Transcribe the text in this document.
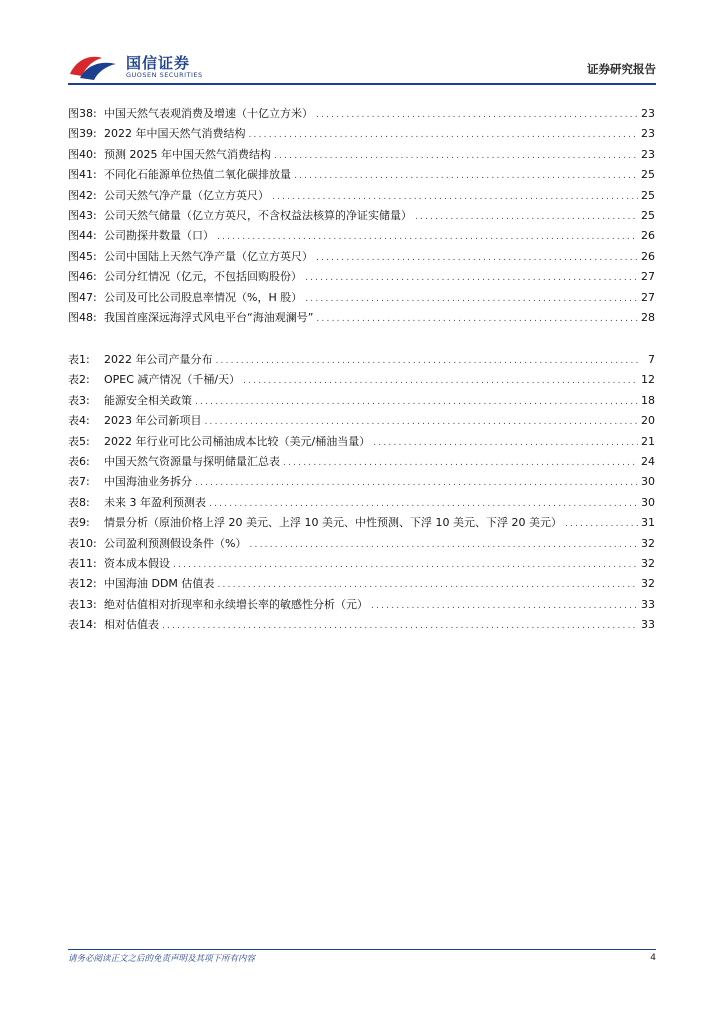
国信证券
GUOSEN SECURITIES	证券研究报告
图38: 中国天然气表观消费及增速（十亿立方米） .....	23
图39: 2022 年中国天然气消费结构 .....	23
图40: 预测 2025 年中国天然气消费结构 .....	23
图41: 不同化石能源单位热值二氧化碳排放量 .....	25
图42: 公司天然气净产量（亿立方英尺） .....	25
图43: 公司天然气储量（亿立方英尺，不含权益法核算的净证实储量） .....	25
图44: 公司勘探井数量（口） .....	26
图45: 公司中国陆上天然气净产量（亿立方英尺） .....	26
图46: 公司分红情况（亿元，不包括回购股份） .....	27
图47: 公司及可比公司股息率情况（%，H 股） .....	27
图48: 我国首座深远海浮式风电平台“海油观澜号” .....	28
表1:	2022 年公司产量分布 .....	7
表2:	OPEC 减产情况（千桶/天） .....	12
表3:	能源安全相关政策 .....	18
表4:	2023 年公司新项目 .....	20
表5:	2022 年行业可比公司桶油成本比较（美元/桶油当量） .....	21
表6:	中国天然气资源量与探明储量汇总表 .....	24
表7:	中国海油业务拆分 .....	30
表8:	未来 3 年盈利预测表 .....	30
表9:	情景分析（原油价格上浮 20 美元、上浮 10 美元、中性预测、下浮 10 美元、下浮 20 美元） .....	31
表10: 公司盈利预测假设条件（%） .....	32
表11: 资本成本假设 .....	32
表12: 中国海油 DDM 估值表 .....	32
表13: 绝对估值相对折现率和永续增长率的敏感性分析（元） .....	33
表14: 相对估值表 .....	33
请务必阅读正文之后的免责声明及其项下所有内容	4
